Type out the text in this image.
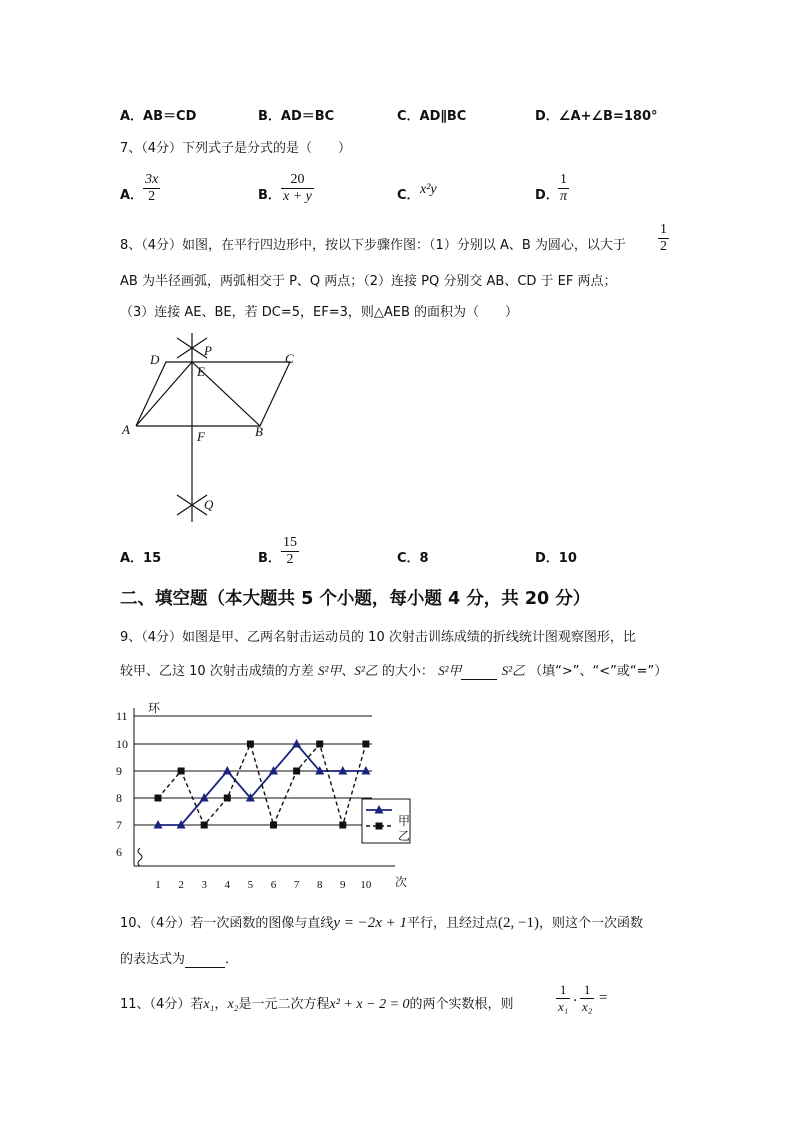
A．AB＝CD	B．AD＝BC	C．AD∥BC	D．∠A+∠B=180°
7、（4分）下列式子是分式的是（　　）
A． $\frac{3x}{2}$	B． $\frac{20}{x + y}$	C． x²y	D． $\frac{1}{\pi}$
8、（4分）如图，在平行四边形中，按以下步骤作图：（1）分别以 A、B 为圆心，以大于 $\frac{1}{2}$
AB 为半径画弧，两弧相交于 P、Q 两点；（2）连接 PQ 分别交 AB、CD 于 EF 两点；
（3）连接 AE、BE，若 DC=5，EF=3，则△AEB 的面积为（　　）
D
P
C
E
A	F	B
Q
A．15	B． $\frac{15}{2}$	C．8	D．10
二、填空题（本大题共 5 个小题，每小题 4 分，共 20 分）
9、（4分）如图是甲、乙两名射击运动员的 10 次射击训练成绩的折线统计图观察图形，比
较甲、乙这 10 次射击成绩的方差 S²甲、S²乙 的大小： S²甲	S²乙 （填“>”、“<”或“=”）
6
7
8
9
10
11
环
1 2 3 4 5 6 7 8 9 10 次
甲
乙
10、（4分）若一次函数的图像与直线y = −2x + 1平行，且经过点(2, −1)，则这个一次函数
的表达式为	．
11、（4分）若x₁，x₂是一元二次方程x² + x − 2 = 0的两个实数根，则	$\frac{1}{\text{x₁}} \cdot \frac{1}{\text{x₂}}$ =
